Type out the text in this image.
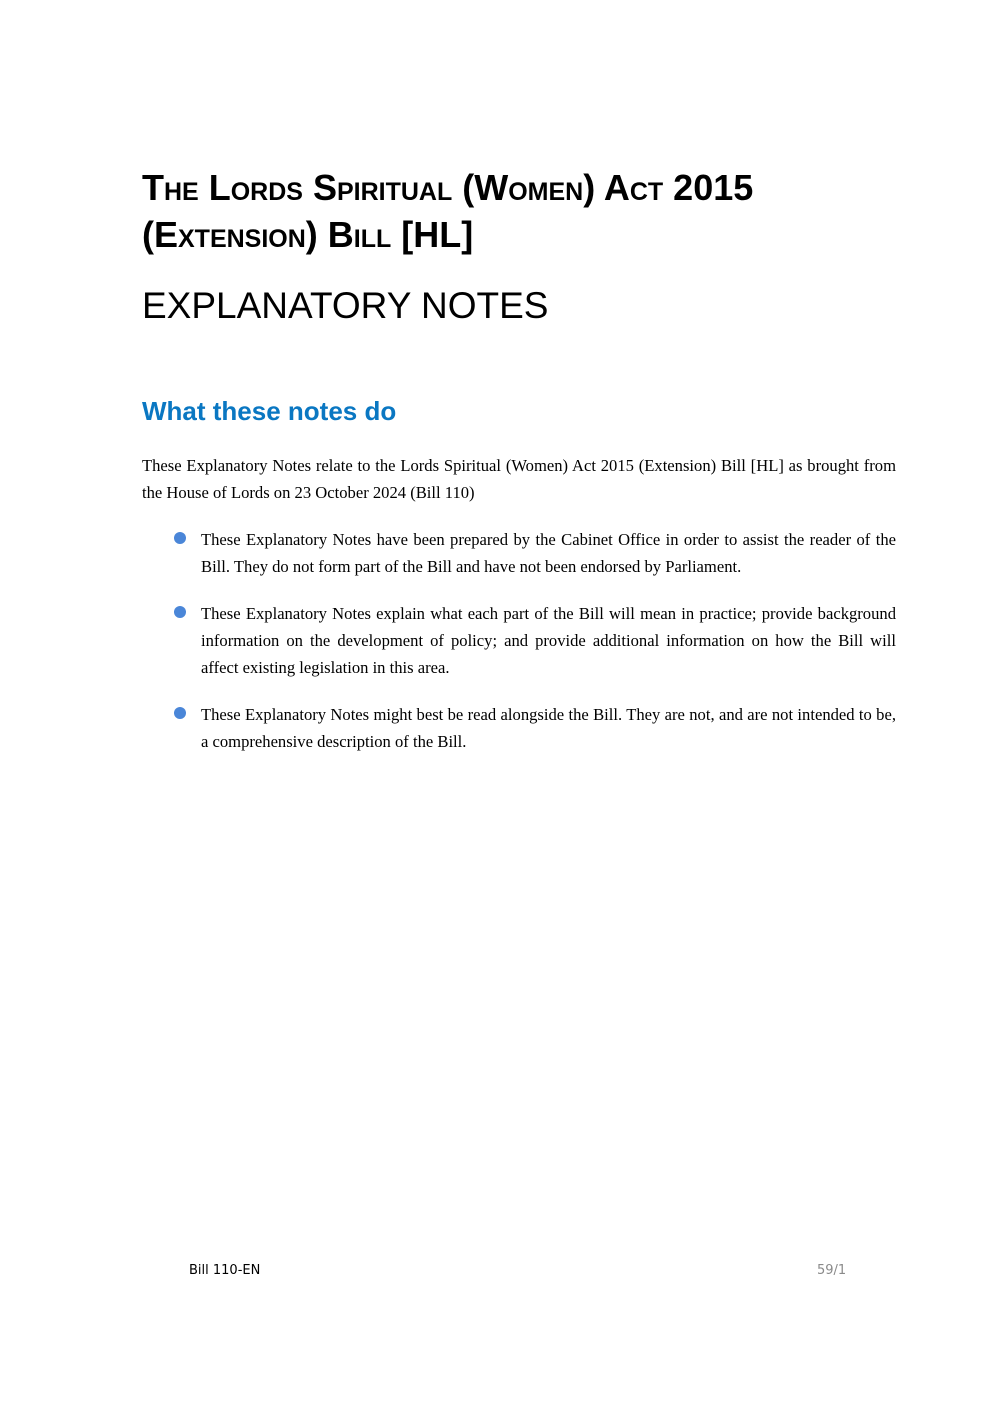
The Lords Spiritual (Women) Act 2015 (Extension) Bill [HL]
EXPLANATORY NOTES
What these notes do

These Explanatory Notes relate to the Lords Spiritual (Women) Act 2015 (Extension) Bill [HL] as brought from the House of Lords on 23 October 2024 (Bill 110)

These Explanatory Notes have been prepared by the Cabinet Office in order to assist the reader of the Bill. They do not form part of the Bill and have not been endorsed by Parliament.
These Explanatory Notes explain what each part of the Bill will mean in practice; provide background information on the development of policy; and provide additional information on how the Bill will affect existing legislation in this area.
These Explanatory Notes might best be read alongside the Bill. They are not, and are not intended to be, a comprehensive description of the Bill.
Bill 110-EN	59/1
